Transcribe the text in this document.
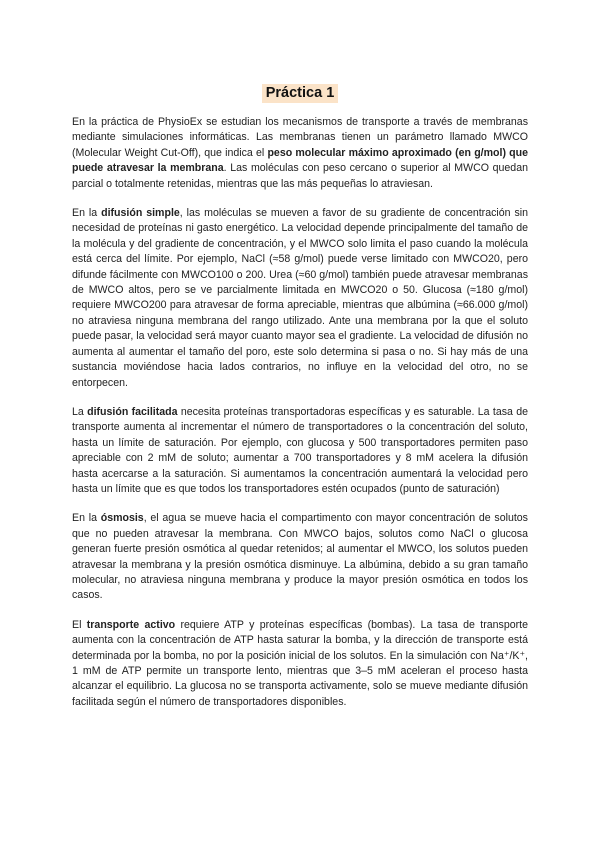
Práctica 1

En la práctica de PhysioEx se estudian los mecanismos de transporte a través de membranas mediante simulaciones informáticas. Las membranas tienen un parámetro llamado MWCO (Molecular Weight Cut-Off), que indica el peso molecular máximo aproximado (en g/mol) que puede atravesar la membrana. Las moléculas con peso cercano o superior al MWCO quedan parcial o totalmente retenidas, mientras que las más pequeñas lo atraviesan.

En la difusión simple, las moléculas se mueven a favor de su gradiente de concentración sin necesidad de proteínas ni gasto energético. La velocidad depende principalmente del tamaño de la molécula y del gradiente de concentración, y el MWCO solo limita el paso cuando la molécula está cerca del límite. Por ejemplo, NaCl (≈58 g/mol) puede verse limitado con MWCO20, pero difunde fácilmente con MWCO100 o 200. Urea (≈60 g/mol) también puede atravesar membranas de MWCO altos, pero se ve parcialmente limitada en MWCO20 o 50. Glucosa (≈180 g/mol) requiere MWCO200 para atravesar de forma apreciable, mientras que albúmina (≈66.000 g/mol) no atraviesa ninguna membrana del rango utilizado. Ante una membrana por la que el soluto puede pasar, la velocidad será mayor cuanto mayor sea el gradiente. La velocidad de difusión no aumenta al aumentar el tamaño del poro, este solo determina si pasa o no. Si hay más de una sustancia moviéndose hacia lados contrarios, no influye en la velocidad del otro, no se entorpecen.

La difusión facilitada necesita proteínas transportadoras específicas y es saturable. La tasa de transporte aumenta al incrementar el número de transportadores o la concentración del soluto, hasta un límite de saturación. Por ejemplo, con glucosa y 500 transportadores permiten paso apreciable con 2 mM de soluto; aumentar a 700 transportadores y 8 mM acelera la difusión hasta acercarse a la saturación. Si aumentamos la concentración aumentará la velocidad pero hasta un límite que es que todos los transportadores estén ocupados (punto de saturación)

En la ósmosis, el agua se mueve hacia el compartimento con mayor concentración de solutos que no pueden atravesar la membrana. Con MWCO bajos, solutos como NaCl o glucosa generan fuerte presión osmótica al quedar retenidos; al aumentar el MWCO, los solutos pueden atravesar la membrana y la presión osmótica disminuye. La albúmina, debido a su gran tamaño molecular, no atraviesa ninguna membrana y produce la mayor presión osmótica en todos los casos.

El transporte activo requiere ATP y proteínas específicas (bombas). La tasa de transporte aumenta con la concentración de ATP hasta saturar la bomba, y la dirección de transporte está determinada por la bomba, no por la posición inicial de los solutos. En la simulación con Na⁺/K⁺, 1 mM de ATP permite un transporte lento, mientras que 3–5 mM aceleran el proceso hasta alcanzar el equilibrio. La glucosa no se transporta activamente, solo se mueve mediante difusión facilitada según el número de transportadores disponibles.
